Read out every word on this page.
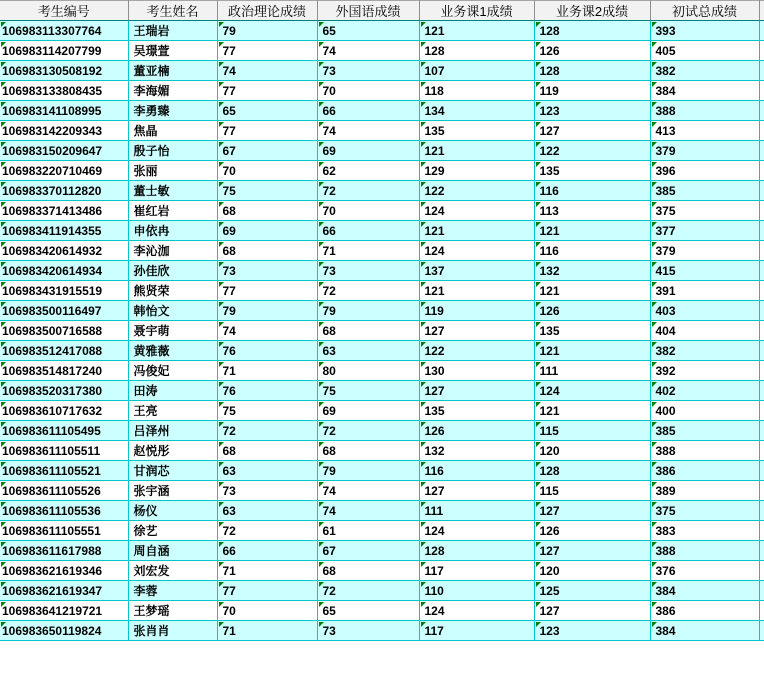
考生编号	考生姓名	政治理论成绩	外国语成绩	业务课1成绩	业务课2成绩	初试总成绩	

106983113307764	王瑞岩	79	65	121	128	393	

106983114207799	吴璟萱	77	74	128	126	405	

106983130508192	董亚楠	74	73	107	128	382	

106983133808435	李海媚	77	70	118	119	384	

106983141108995	李勇臻	65	66	134	123	388	

106983142209343	焦晶	77	74	135	127	413	

106983150209647	殷子怡	67	69	121	122	379	

106983220710469	张丽	70	62	129	135	396	

106983370112820	董士敏	75	72	122	116	385	

106983371413486	崔红岩	68	70	124	113	375	

106983411914355	申依冉	69	66	121	121	377	

106983420614932	李沁泇	68	71	124	116	379	

106983420614934	孙佳欣	73	73	137	132	415	

106983431915519	熊贤荣	77	72	121	121	391	

106983500116497	韩怡文	79	79	119	126	403	

106983500716588	聂宇萌	74	68	127	135	404	

106983512417088	黄雅薇	76	63	122	121	382	

106983514817240	冯俊妃	71	80	130	111	392	

106983520317380	田涛	76	75	127	124	402	

106983610717632	王亮	75	69	135	121	400	

106983611105495	吕泽州	72	72	126	115	385	

106983611105511	赵悦彤	68	68	132	120	388	

106983611105521	甘润芯	63	79	116	128	386	

106983611105526	张宇涵	73	74	127	115	389	

106983611105536	杨仪	63	74	111	127	375	

106983611105551	徐艺	72	61	124	126	383	

106983611617988	周自涵	66	67	128	127	388	

106983621619346	刘宏发	71	68	117	120	376	

106983621619347	李蓉	77	72	110	125	384	

106983641219721	王梦瑶	70	65	124	127	386	

106983650119824	张肖肖	71	73	117	123	384	
